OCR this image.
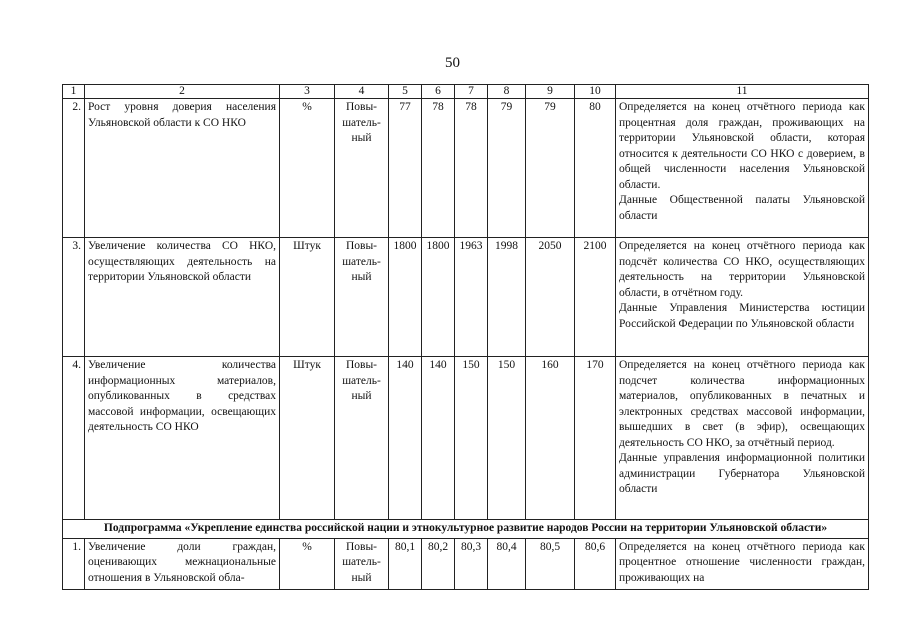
50
1	2	3	4	5	6	7	8	9	10	11
2.	Рост уровня доверия населения Ульяновской области к СО НКО	%	Повы-шатель-ный	77	78	78	79	79	80	Определяется на конец отчётного периода как процентная доля граждан, проживающих на территории Ульяновской области, которая относится к деятельности СО НКО с доверием, в общей численности населения Ульяновской области.
Данные Общественной палаты Ульяновской области

3.	Увеличение количества СО НКО, осуществляющих деятельность на территории Ульяновской области	Штук	Повы-шатель-ный	1800	1800	1963	1998	2050	2100	Определяется на конец отчётного периода как подсчёт количества СО НКО, осуществляющих деятельность на территории Ульяновской области, в отчётном году.
Данные Управления Министерства юстиции Российской Федерации по Ульяновской области

4.	Увеличение количества информационных материалов, опубликованных в средствах массовой информации, освещающих деятельность СО НКО	Штук	Повы-шатель-ный	140	140	150	150	160	170	Определяется на конец отчётного периода как подсчет количества информационных материалов, опубликованных в печатных и электронных средствах массовой информации, вышедших в свет (в эфир), освещающих деятельность СО НКО, за отчётный период.
Данные управления информационной политики администрации Губернатора Ульяновской области

Подпрограмма «Укрепление единства российской нации и этнокультурное развитие народов России на территории Ульяновской области»										
1.	Увеличение доли граждан, оценивающих межнациональные отношения в Ульяновской обла-	%	Повы-шатель-ный	80,1	80,2	80,3	80,4	80,5	80,6	Определяется на конец отчётного периода как процентное отношение численности граждан, проживающих на
